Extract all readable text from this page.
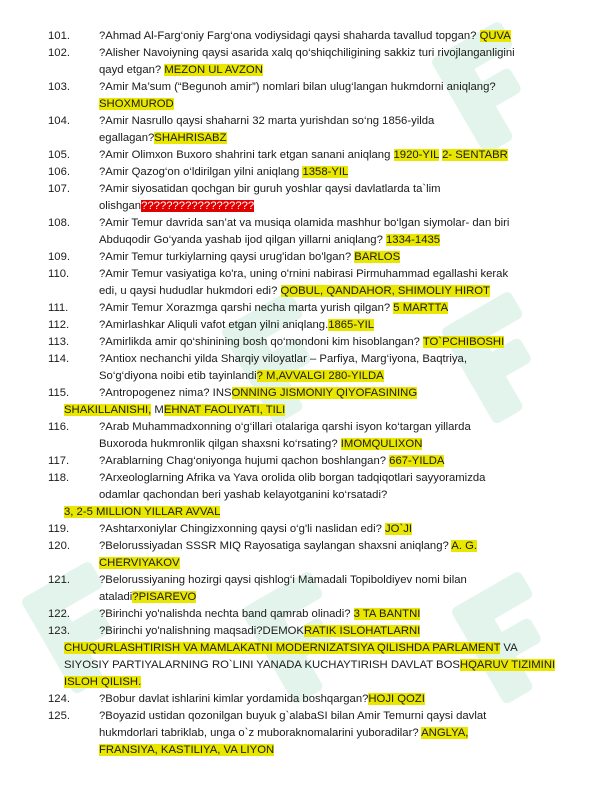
101.	?Ahmad Al-Farg‘oniy Farg‘ona vodiysidagi qaysi shaharda tavallud topgan? QUVA
102.	?Alisher Navoiyning qaysi asarida xalq qo‘shiqchiligining sakkiz turi rivojlanganligini
qayd etgan? MEZON UL AVZON
103.	?Amir Ma’sum (“Begunoh amir”) nomlari bilan ulug‘langan hukmdorni aniqlang?
SHOXMUROD
104.	?Amir Nasrullo qaysi shaharni 32 marta yurishdan so‘ng 1856-yilda
egallagan?SHAHRISABZ
105.	?Amir Olimxon Buxoro shahrini tark etgan sanani aniqlang 1920-YIL 2- SENTABR
106.	?Amir Qazog‘on o‘ldirilgan yilni aniqlang 1358-YIL
107.	?Amir siyosatidan qochgan bir guruh yoshlar qaysi davlatlarda ta`lim
olishgan??????????????????
108.	?Amir Temur davrida san’at va musiqa olamida mashhur bo‘lgan siymolar- dan biri
Abduqodir Go‘yanda yashab ijod qilgan yillarni aniqlang? 1334-1435
109.	?Amir Temur turkiylarning qaysi urug'idan bo'lgan? BARLOS
110.	?Amir Temur vasiyatiga ko'ra, uning o'rnini nabirasi Pirmuhammad egallashi kerak
edi, u qaysi hududlar hukmdori edi? QOBUL, QANDAHOR, SHIMOLIY HIROT
111.	?Amir Temur Xorazmga qarshi necha marta yurish qilgan? 5 MARTTA
112.	?Amirlashkar Aliquli vafot etgan yilni aniqlang.1865-YIL
113.	?Amirlikda amir qo‘shinining bosh qo‘mondoni kim hisoblangan? TO`PCHIBOSHI
114.	?Antiox nechanchi yilda Sharqiy viloyatlar – Parfiya, Marg‘iyona, Baqtriya,
So‘g‘diyona noibi etib tayinlandi? M,AVVALGI 280-YILDA
115.	?Antropogenez nima? INSONNING JISMONIY QIYOFASINING
SHAKILLANISHI, MEHNAT FAOLIYATI, TILI
116.	?Arab Muhammadxonning o‘g‘illari otalariga qarshi isyon ko‘targan yillarda
Buxoroda hukmronlik qilgan shaxsni ko‘rsating? IMOMQULIXON
117.	?Arablarning Chag‘oniyonga hujumi qachon boshlangan? 667-YILDA
118.	?Arxeologlarning Afrika va Yava orolida olib borgan tadqiqotlari sayyoramizda
odamlar qachondan beri yashab kelayotganini ko‘rsatadi?
3, 2-5 MILLION YILLAR AVVAL
119.	?Ashtarxoniylar Chingizxonning qaysi o‘g'li naslidan edi? JO`JI
120.	?Belorussiyadan SSSR MIQ Rayosatiga saylangan shaxsni aniqlang? A. G.
CHERVIYAKOV
121.	?Belorussiyaning hozirgi qaysi qishlog‘i Mamadali Topiboldiyev nomi bilan
ataladi?PISAREVO
122.	?Birinchi yo'nalishda nechta band qamrab olinadi? 3 TA BANTNI
123.	?Birinchi yo'nalishning maqsadi?DEMOKRATIK ISLOHATLARNI
CHUQURLASHTIRISH VA MAMLAKATNI MODERNIZATSIYA QILISHDA PARLAMENT VA
SIYOSIY PARTIYALARNING RO`LINI YANADA KUCHAYTIRISH DAVLAT BOSHQARUV TIZIMINI
ISLOH QILISH.
124.	?Bobur davlat ishlarini kimlar yordamida boshqargan?HOJI QOZI
125.	?Boyazid ustidan qozonilgan buyuk g`alabaSI bilan Amir Temurni qaysi davlat
hukmdorlari tabriklab, unga o`z muboraknomalarini yuboradilar? ANGLYA,
FRANSIYA, KASTILIYA, VA LIYON
